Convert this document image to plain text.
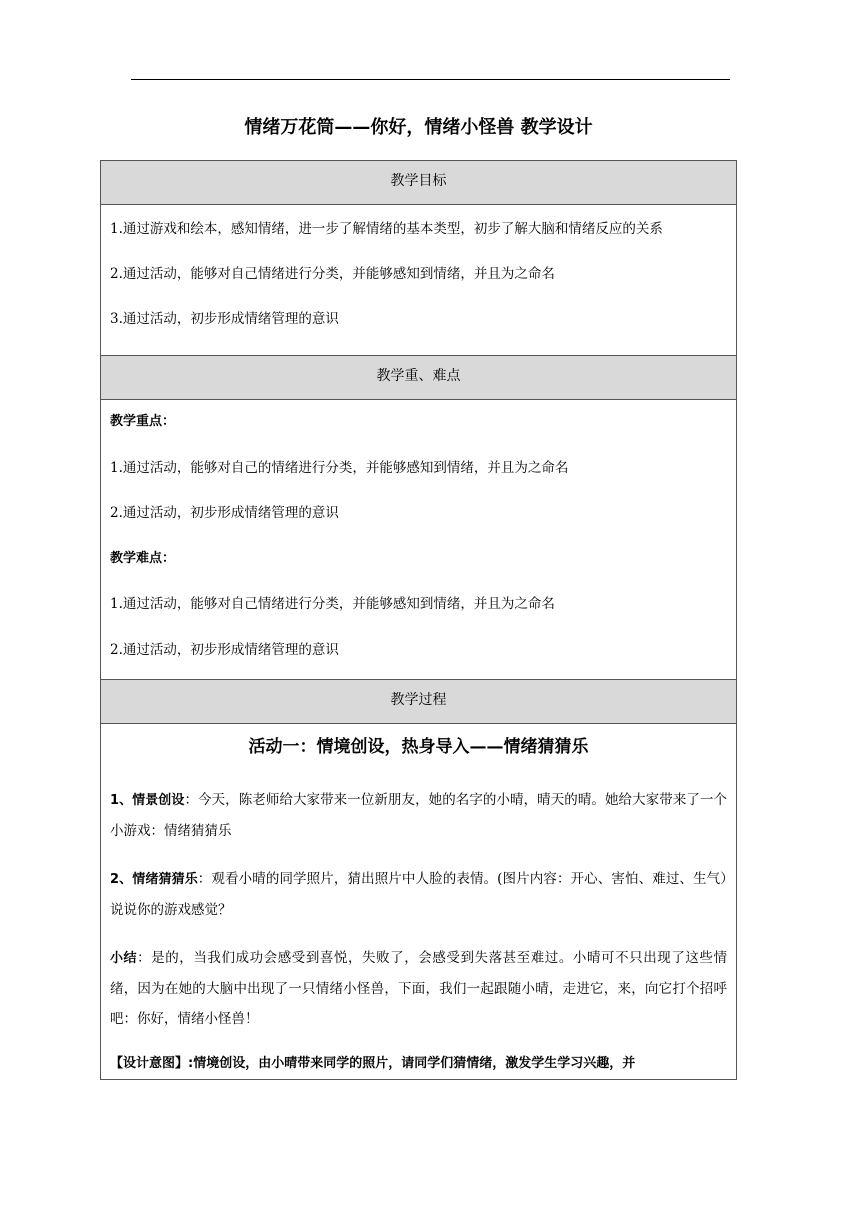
情绪万花筒——你好，情绪小怪兽 教学设计
教学目标
1.通过游戏和绘本，感知情绪，进一步了解情绪的基本类型，初步了解大脑和情绪反应的关系
2.通过活动，能够对自己情绪进行分类，并能够感知到情绪，并且为之命名
3.通过活动，初步形成情绪管理的意识
教学重、难点
教学重点：
1.通过活动，能够对自己的情绪进行分类，并能够感知到情绪，并且为之命名
2.通过活动，初步形成情绪管理的意识
教学难点：
1.通过活动，能够对自己情绪进行分类，并能够感知到情绪，并且为之命名
2.通过活动，初步形成情绪管理的意识
教学过程
活动一：情境创设，热身导入——情绪猜猜乐

1、情景创设：今天，陈老师给大家带来一位新朋友，她的名字的小晴，晴天的晴。她给大家带来了一个小游戏：情绪猜猜乐

2、情绪猜猜乐：观看小晴的同学照片，猜出照片中人脸的表情。(图片内容：开心、害怕、难过、生气）说说你的游戏感觉？

小结：是的，当我们成功会感受到喜悦，失败了，会感受到失落甚至难过。小晴可不只出现了这些情绪，因为在她的大脑中出现了一只情绪小怪兽，下面，我们一起跟随小晴，走进它，来，向它打个招呼吧：你好，情绪小怪兽！

【设计意图】:情境创设，由小晴带来同学的照片，请同学们猜情绪，激发学生学习兴趣，并
